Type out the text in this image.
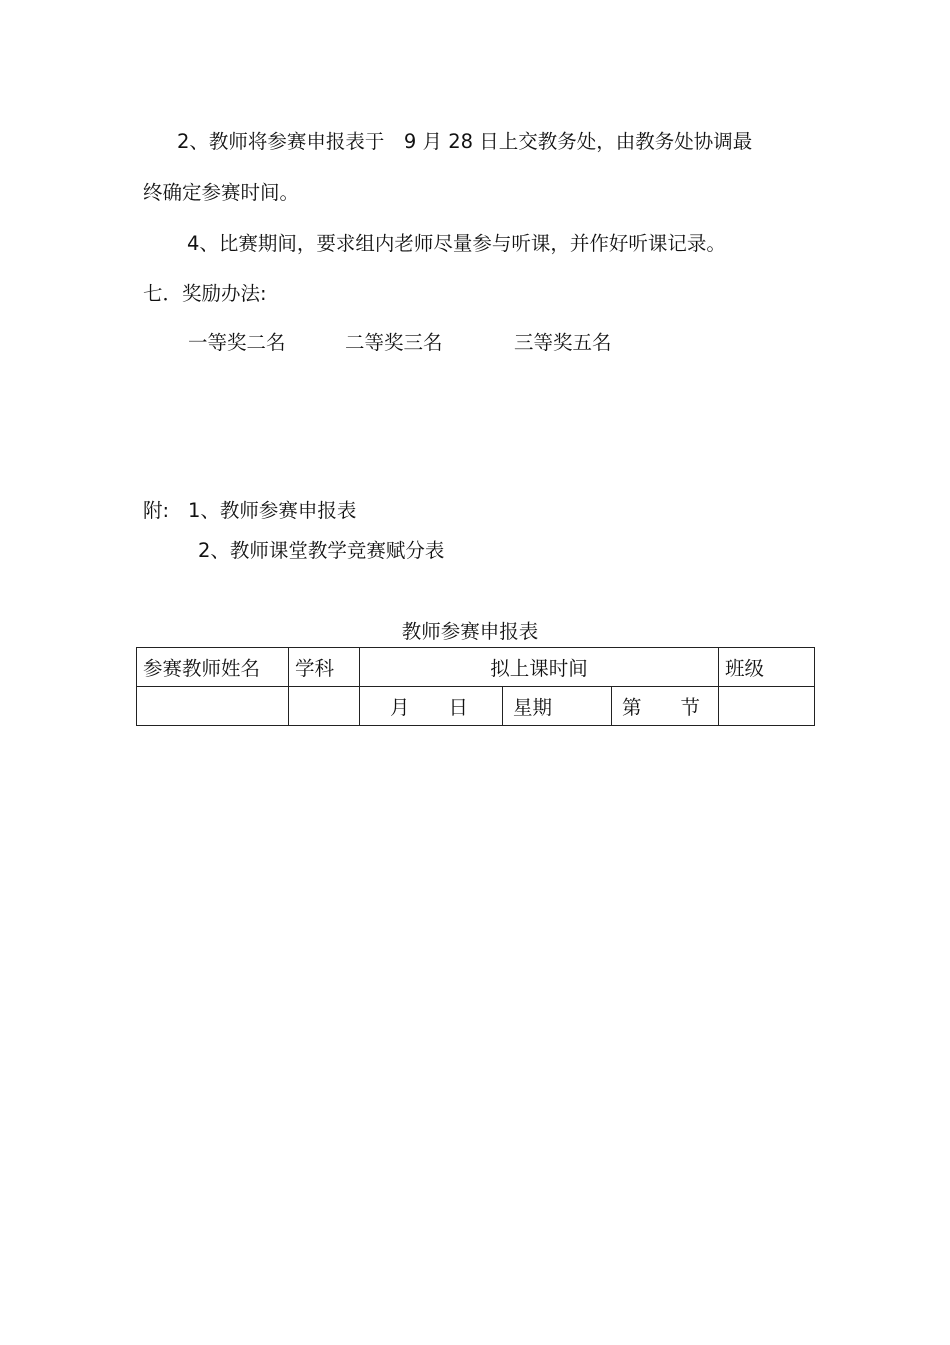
2、教师将参赛申报表于　9 月 28 日上交教务处，由教务处协调最
终确定参赛时间。
4、比赛期间，要求组内老师尽量参与听课，并作好听课记录。
七．奖励办法:
一等奖二名	二等奖三名	三等奖五名
附: 1、教师参赛申报表
2、教师课堂教学竞赛赋分表
教师参赛申报表
参赛教师姓名	学科	拟上课时间			班级
		月　　日	星期	第　　节	
